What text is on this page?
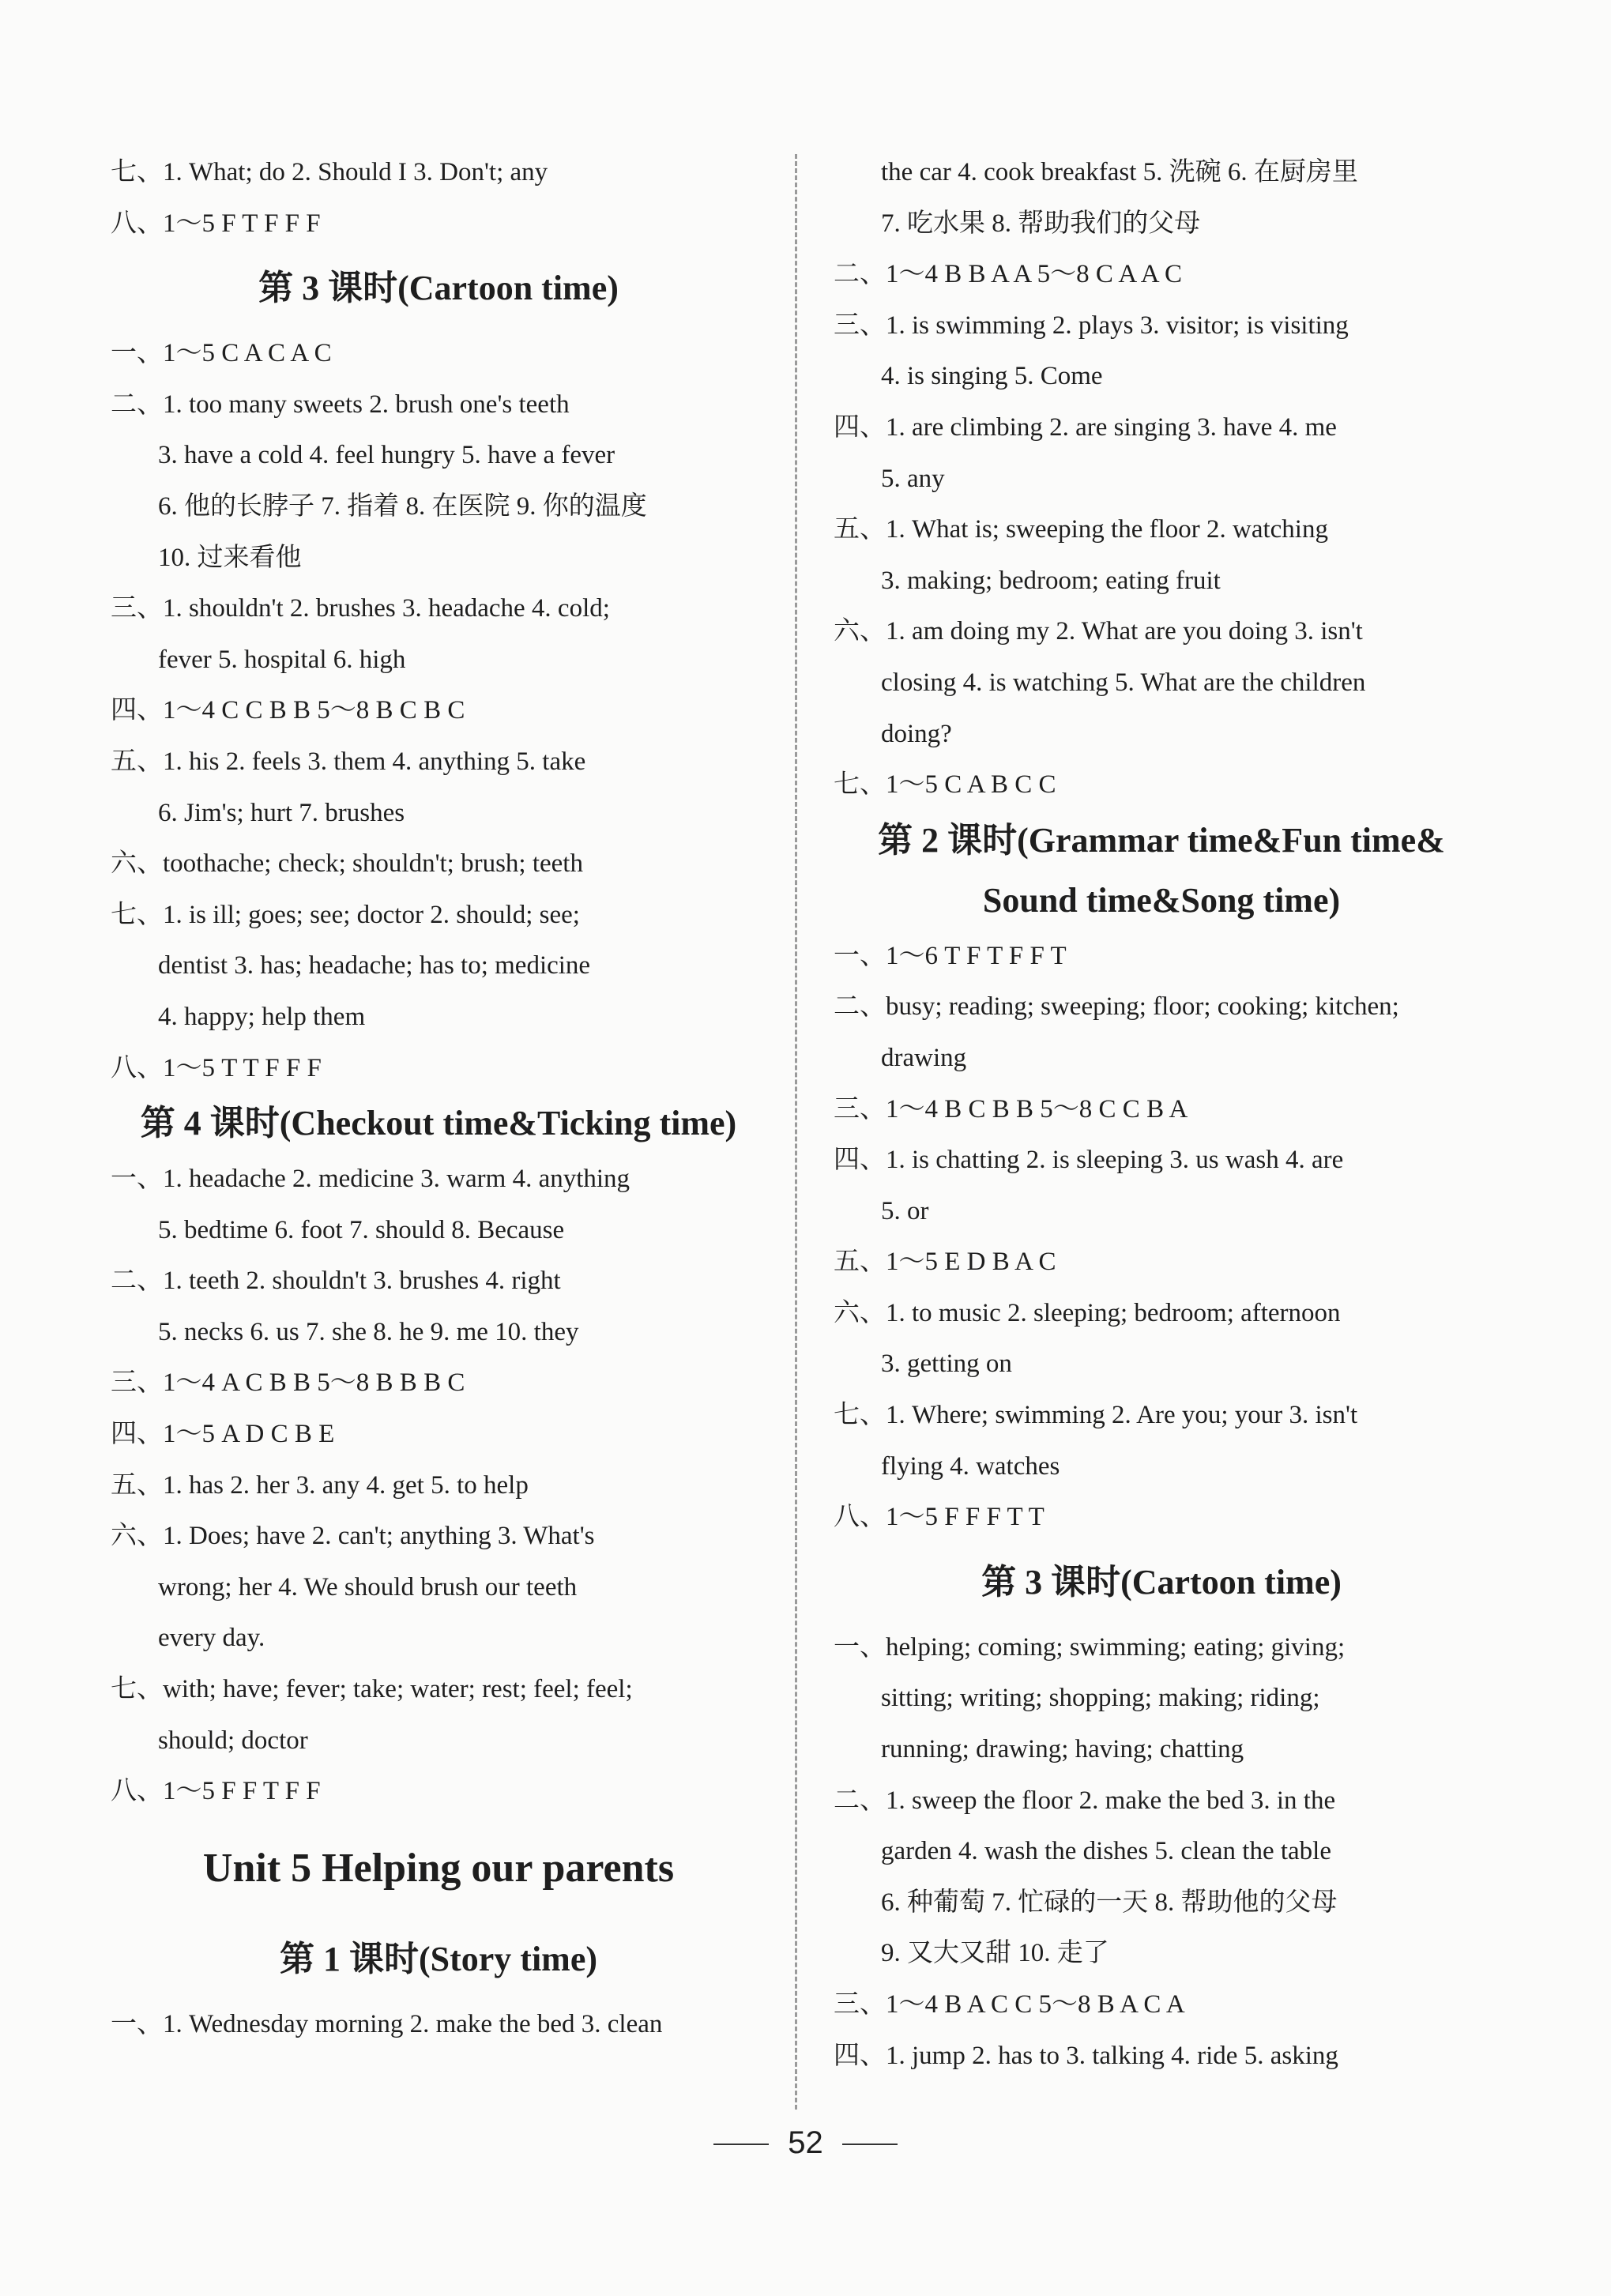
七、1. What; do 2. Should I 3. Don't; any
八、1～5 F T F F F
第 3 课时(Cartoon time)
一、1～5 C A C A C
二、1. too many sweets 2. brush one's teeth
3. have a cold 4. feel hungry 5. have a fever
6. 他的长脖子 7. 指着 8. 在医院 9. 你的温度
10. 过来看他
三、1. shouldn't 2. brushes 3. headache 4. cold;
fever 5. hospital 6. high
四、1～4 C C B B 5～8 B C B C
五、1. his 2. feels 3. them 4. anything 5. take
6. Jim's; hurt 7. brushes
六、toothache; check; shouldn't; brush; teeth
七、1. is ill; goes; see; doctor 2. should; see;
dentist 3. has; headache; has to; medicine
4. happy; help them
八、1～5 T T F F F
第 4 课时(Checkout time&Ticking time)
一、1. headache 2. medicine 3. warm 4. anything
5. bedtime 6. foot 7. should 8. Because
二、1. teeth 2. shouldn't 3. brushes 4. right
5. necks 6. us 7. she 8. he 9. me 10. they
三、1～4 A C B B 5～8 B B B C
四、1～5 A D C B E
五、1. has 2. her 3. any 4. get 5. to help
六、1. Does; have 2. can't; anything 3. What's
wrong; her 4. We should brush our teeth
every day.
七、with; have; fever; take; water; rest; feel; feel;
should; doctor
八、1～5 F F T F F
Unit 5 Helping our parents
第 1 课时(Story time)
一、1. Wednesday morning 2. make the bed 3. clean
the car 4. cook breakfast 5. 洗碗 6. 在厨房里
7. 吃水果 8. 帮助我们的父母
二、1～4 B B A A 5～8 C A A C
三、1. is swimming 2. plays 3. visitor; is visiting
4. is singing 5. Come
四、1. are climbing 2. are singing 3. have 4. me
5. any
五、1. What is; sweeping the floor 2. watching
3. making; bedroom; eating fruit
六、1. am doing my 2. What are you doing 3. isn't
closing 4. is watching 5. What are the children
doing?
七、1～5 C A B C C
第 2 课时(Grammar time&Fun time&
Sound time&Song time)
一、1～6 T F T F F T
二、busy; reading; sweeping; floor; cooking; kitchen;
drawing
三、1～4 B C B B 5～8 C C B A
四、1. is chatting 2. is sleeping 3. us wash 4. are
5. or
五、1～5 E D B A C
六、1. to music 2. sleeping; bedroom; afternoon
3. getting on
七、1. Where; swimming 2. Are you; your 3. isn't
flying 4. watches
八、1～5 F F F T T
第 3 课时(Cartoon time)
一、helping; coming; swimming; eating; giving;
sitting; writing; shopping; making; riding;
running; drawing; having; chatting
二、1. sweep the floor 2. make the bed 3. in the
garden 4. wash the dishes 5. clean the table
6. 种葡萄 7. 忙碌的一天 8. 帮助他的父母
9. 又大又甜 10. 走了
三、1～4 B A C C 5～8 B A C A
四、1. jump 2. has to 3. talking 4. ride 5. asking
52
